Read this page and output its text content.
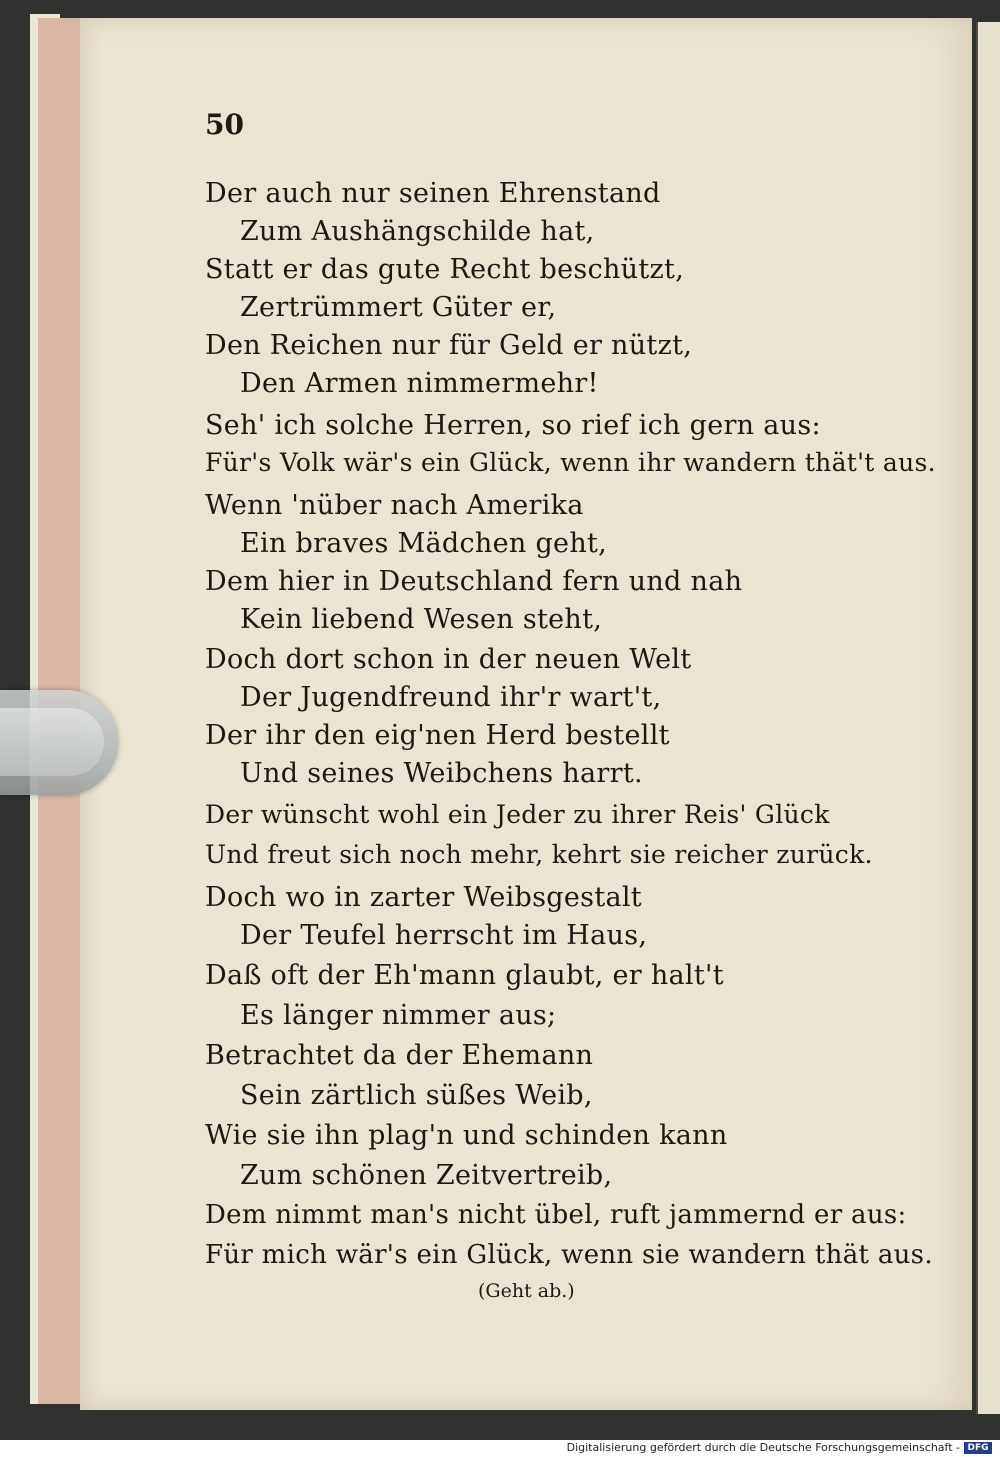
50
Der auch nur seinen Ehrenstand
Zum Aushängschilde hat,
Statt er das gute Recht beschützt,
Zertrümmert Güter er,
Den Reichen nur für Geld er nützt,
Den Armen nimmermehr!
Seh' ich solche Herren, so rief ich gern aus:
Für's Volk wär's ein Glück, wenn ihr wandern thät't aus.
Wenn 'nüber nach Amerika
Ein braves Mädchen geht,
Dem hier in Deutschland fern und nah
Kein liebend Wesen steht,
Doch dort schon in der neuen Welt
Der Jugendfreund ihr'r wart't,
Der ihr den eig'nen Herd bestellt
Und seines Weibchens harrt.
Der wünscht wohl ein Jeder zu ihrer Reis' Glück
Und freut sich noch mehr, kehrt sie reicher zurück.
Doch wo in zarter Weibsgestalt
Der Teufel herrscht im Haus,
Daß oft der Eh'mann glaubt, er halt't
Es länger nimmer aus;
Betrachtet da der Ehemann
Sein zärtlich süßes Weib,
Wie sie ihn plag'n und schinden kann
Zum schönen Zeitvertreib,
Dem nimmt man's nicht übel, ruft jammernd er aus:
Für mich wär's ein Glück, wenn sie wandern thät aus.
(Geht ab.)
Digitalisierung gefördert durch die Deutsche Forschungsgemeinschaft - DFG
